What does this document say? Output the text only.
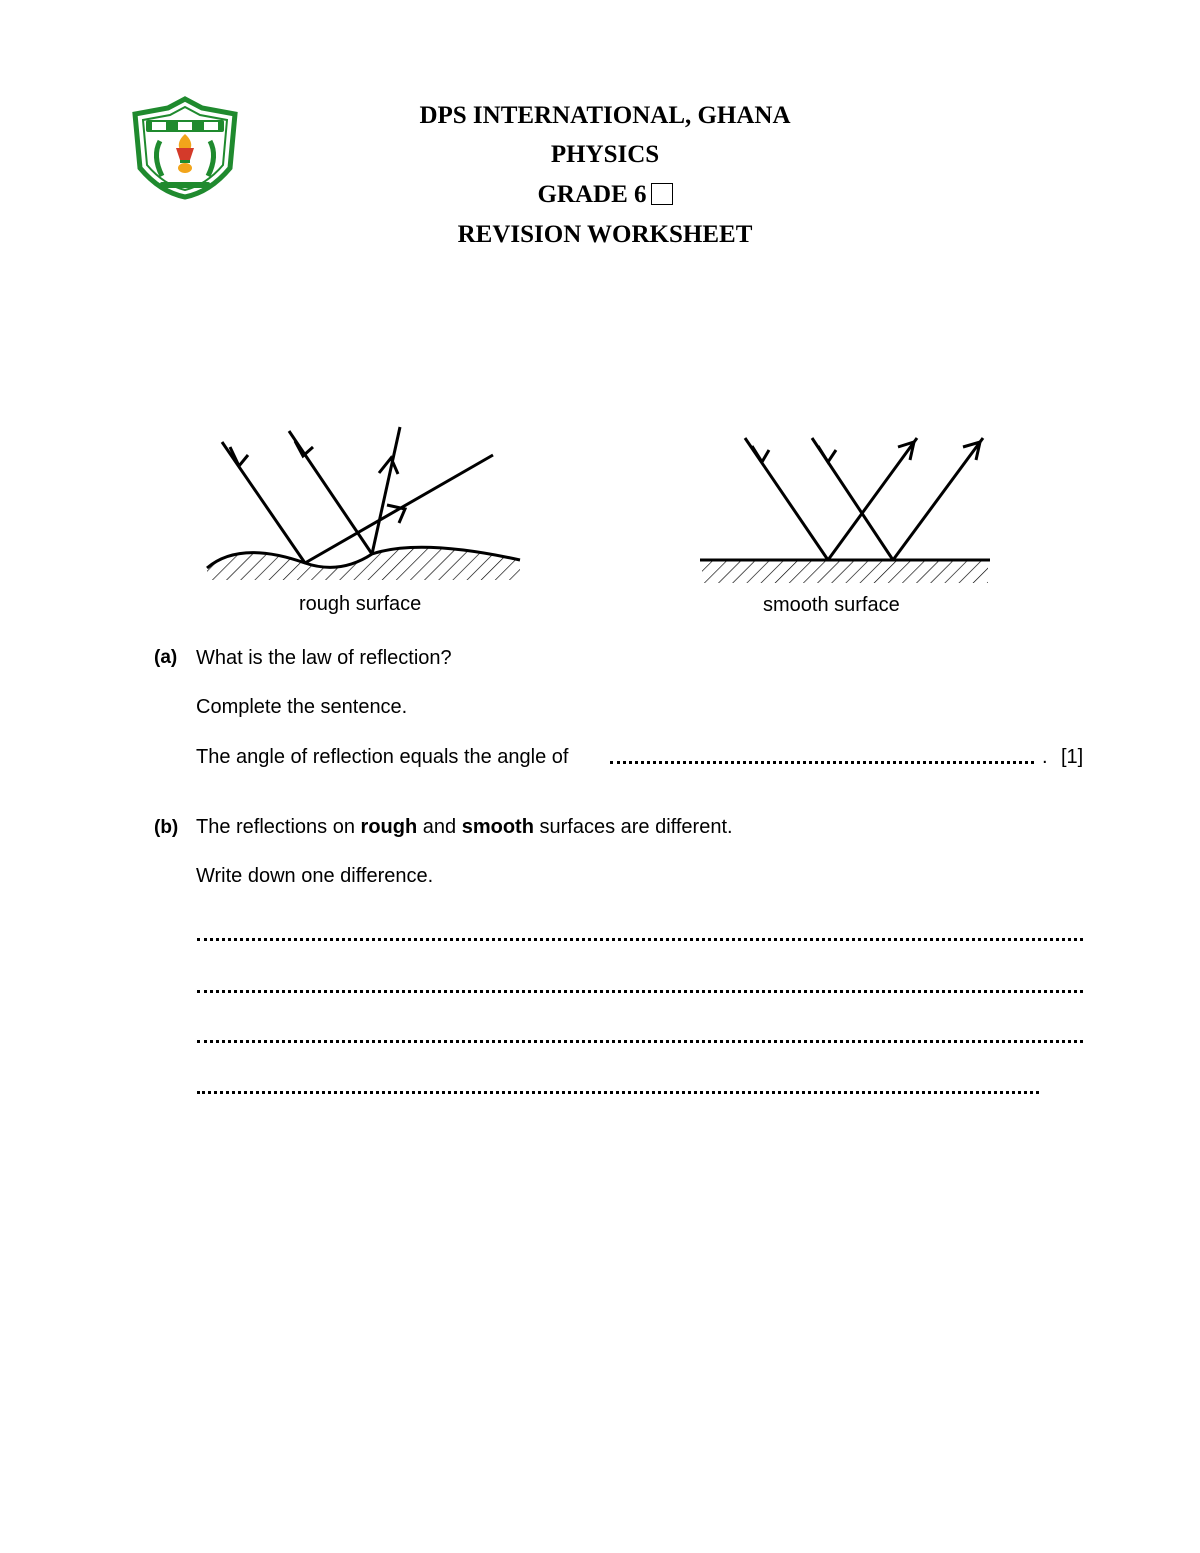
DPS INTERNATIONAL, GHANA
PHYSICS
GRADE 6
REVISION WORKSHEET
rough surface	smooth surface
(a) What is the law of reflection?
Complete the sentence.
The angle of reflection equals the angle of	. [1]
(b) The reflections on rough and smooth surfaces are different.
Write down one difference.
